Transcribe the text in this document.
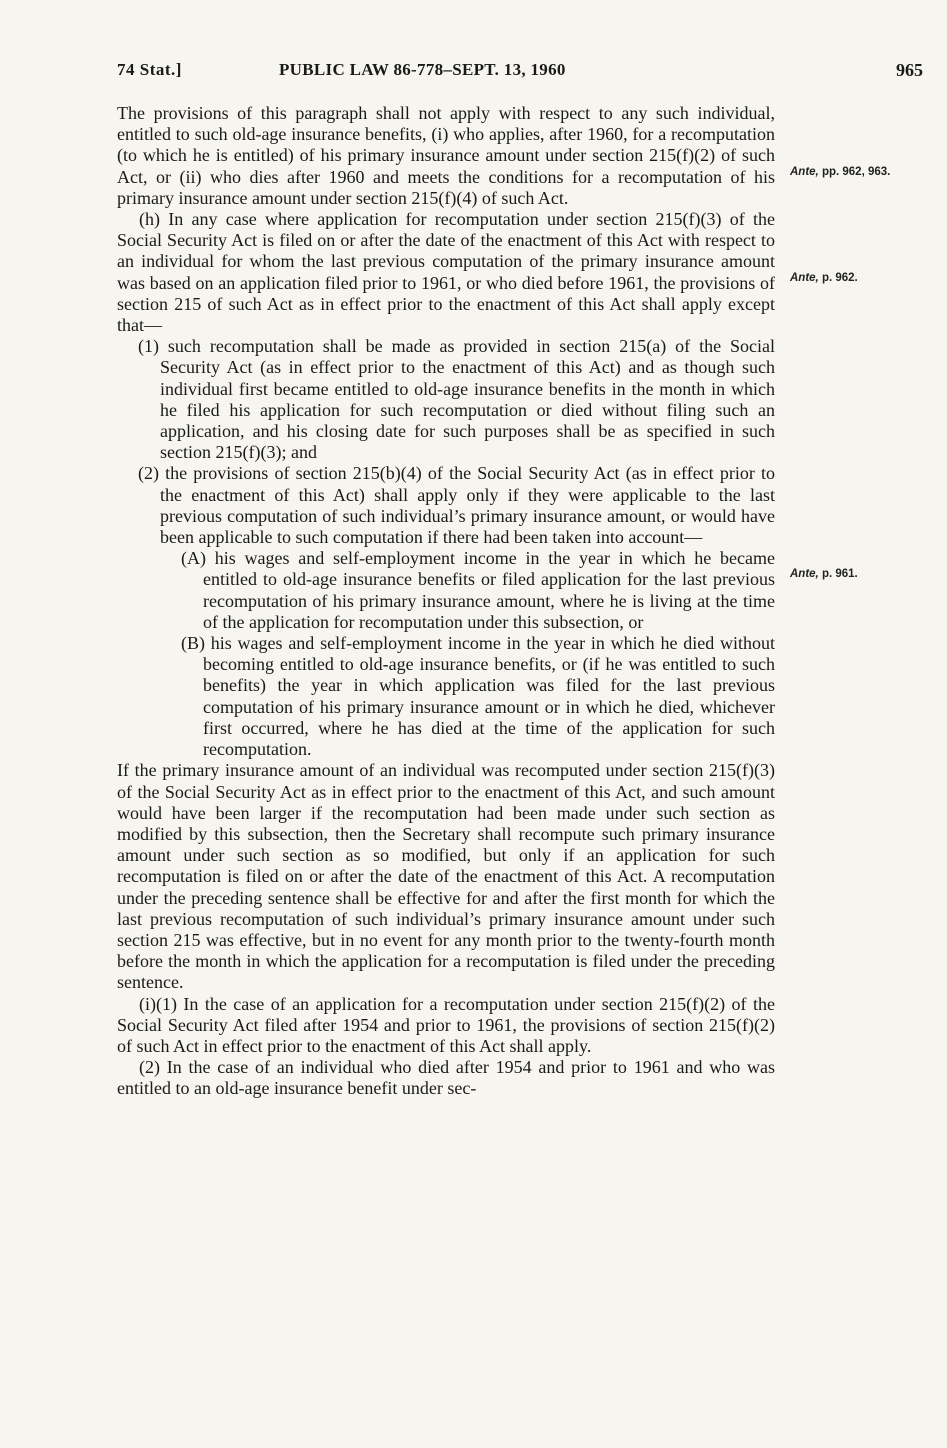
74 Stat.]	PUBLIC LAW 86-778–SEPT. 13, 1960	965

The provisions of this paragraph shall not apply with respect to any such individual, entitled to such old-age insurance benefits, (i) who applies, after 1960, for a recomputation (to which he is entitled) of his primary insurance amount under section 215(f)(2) of such Act, or (ii) who dies after 1960 and meets the conditions for a recomputation of his primary insurance amount under section 215(f)(4) of such Act.

(h) In any case where application for recomputation under section 215(f)(3) of the Social Security Act is filed on or after the date of the enactment of this Act with respect to an individual for whom the last previous computation of the primary insurance amount was based on an application filed prior to 1961, or who died before 1961, the provisions of section 215 of such Act as in effect prior to the enactment of this Act shall apply except that—

(1) such recomputation shall be made as provided in section 215(a) of the Social Security Act (as in effect prior to the enactment of this Act) and as though such individual first became entitled to old-age insurance benefits in the month in which he filed his application for such recomputation or died without filing such an application, and his closing date for such purposes shall be as specified in such section 215(f)(3); and

(2) the provisions of section 215(b)(4) of the Social Security Act (as in effect prior to the enactment of this Act) shall apply only if they were applicable to the last previous computation of such individual’s primary insurance amount, or would have been applicable to such computation if there had been taken into account—

(A) his wages and self-employment income in the year in which he became entitled to old-age insurance benefits or filed application for the last previous recomputation of his primary insurance amount, where he is living at the time of the application for recomputation under this subsection, or

(B) his wages and self-employment income in the year in which he died without becoming entitled to old-age insurance benefits, or (if he was entitled to such benefits) the year in which application was filed for the last previous computation of his primary insurance amount or in which he died, whichever first occurred, where he has died at the time of the application for such recomputation.

If the primary insurance amount of an individual was recomputed under section 215(f)(3) of the Social Security Act as in effect prior to the enactment of this Act, and such amount would have been larger if the recomputation had been made under such section as modified by this subsection, then the Secretary shall recompute such primary insurance amount under such section as so modified, but only if an application for such recomputation is filed on or after the date of the enactment of this Act. A recomputation under the preceding sentence shall be effective for and after the first month for which the last previous recomputation of such individual’s primary insurance amount under such section 215 was effective, but in no event for any month prior to the twenty-fourth month before the month in which the application for a recomputation is filed under the preceding sentence.

(i)(1) In the case of an application for a recomputation under section 215(f)(2) of the Social Security Act filed after 1954 and prior to 1961, the provisions of section 215(f)(2) of such Act in effect prior to the enactment of this Act shall apply.

(2) In the case of an individual who died after 1954 and prior to 1961 and who was entitled to an old-age insurance benefit under sec-

Ante, pp. 962, 963.
Ante, p. 962.
Ante, p. 961.
